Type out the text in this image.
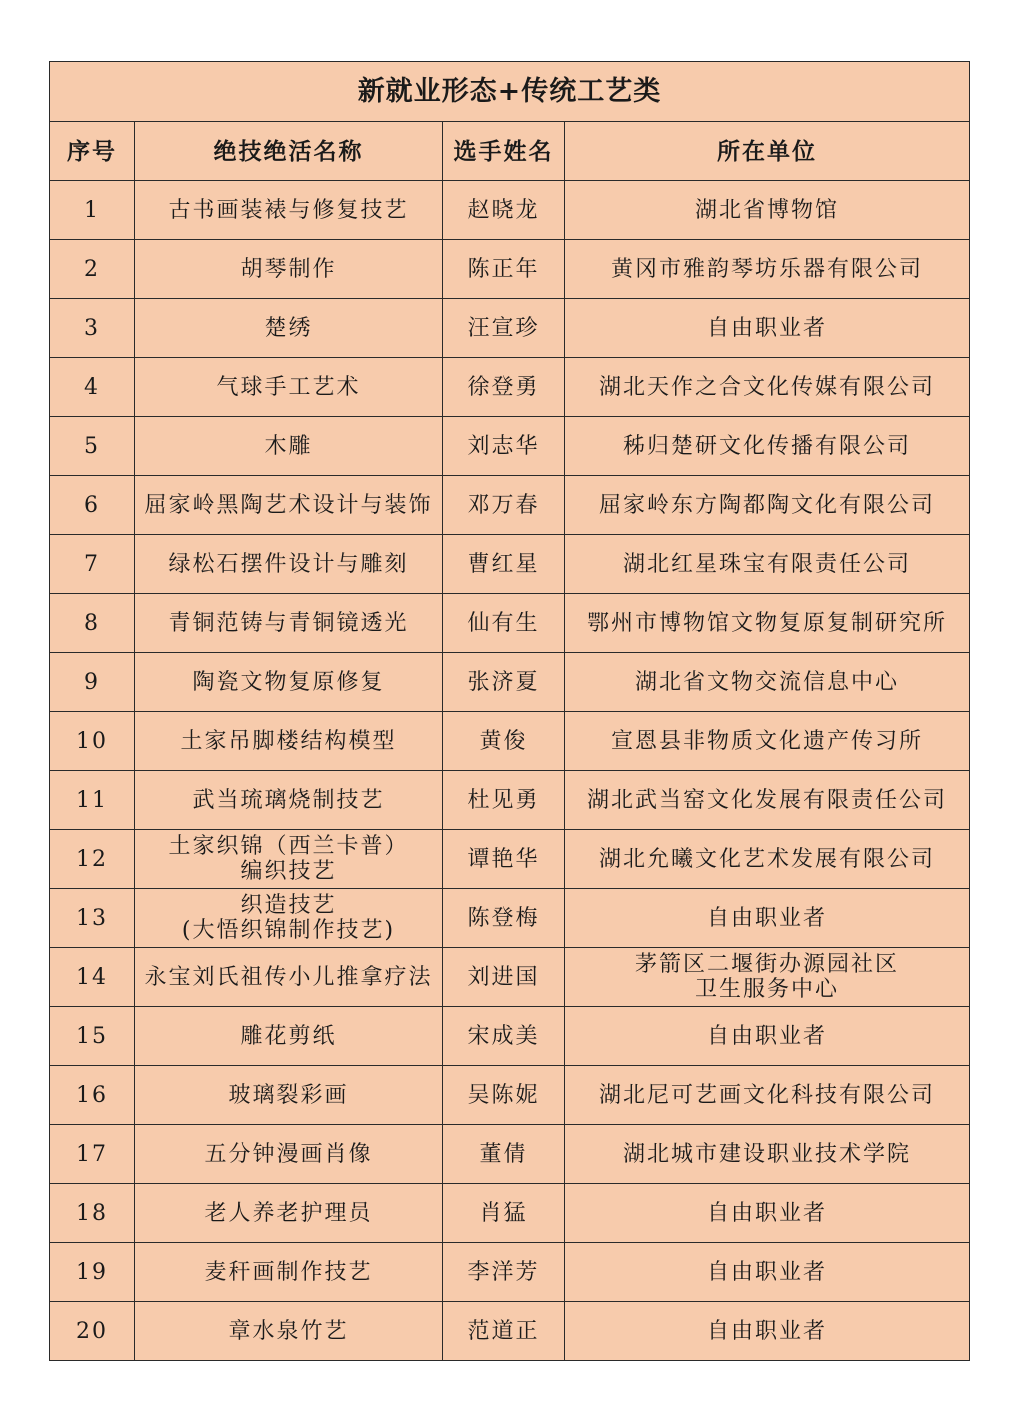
新就业形态+传统工艺类			
序号	绝技绝活名称	选手姓名	所在单位
1	古书画装裱与修复技艺	赵晓龙	湖北省博物馆

2	胡琴制作	陈正年	黄冈市雅韵琴坊乐器有限公司

3	楚绣	汪宣珍	自由职业者

4	气球手工艺术	徐登勇	湖北天作之合文化传媒有限公司

5	木雕	刘志华	秭归楚研文化传播有限公司

6	屈家岭黑陶艺术设计与装饰	邓万春	屈家岭东方陶都陶文化有限公司

7	绿松石摆件设计与雕刻	曹红星	湖北红星珠宝有限责任公司

8	青铜范铸与青铜镜透光	仙有生	鄂州市博物馆文物复原复制研究所

9	陶瓷文物复原修复	张济夏	湖北省文物交流信息中心

10	土家吊脚楼结构模型	黄俊	宣恩县非物质文化遗产传习所

11	武当琉璃烧制技艺	杜见勇	湖北武当窑文化发展有限责任公司

12	土家织锦（西兰卡普）
编织技艺	谭艳华	湖北允曦文化艺术发展有限公司

13	织造技艺
(大悟织锦制作技艺)	陈登梅	自由职业者

14	永宝刘氏祖传小儿推拿疗法	刘进国	茅箭区二堰街办源园社区
卫生服务中心

15	雕花剪纸	宋成美	自由职业者

16	玻璃裂彩画	吴陈妮	湖北尼可艺画文化科技有限公司

17	五分钟漫画肖像	董倩	湖北城市建设职业技术学院

18	老人养老护理员	肖猛	自由职业者

19	麦秆画制作技艺	李洋芳	自由职业者

20	章水泉竹艺	范道正	自由职业者
